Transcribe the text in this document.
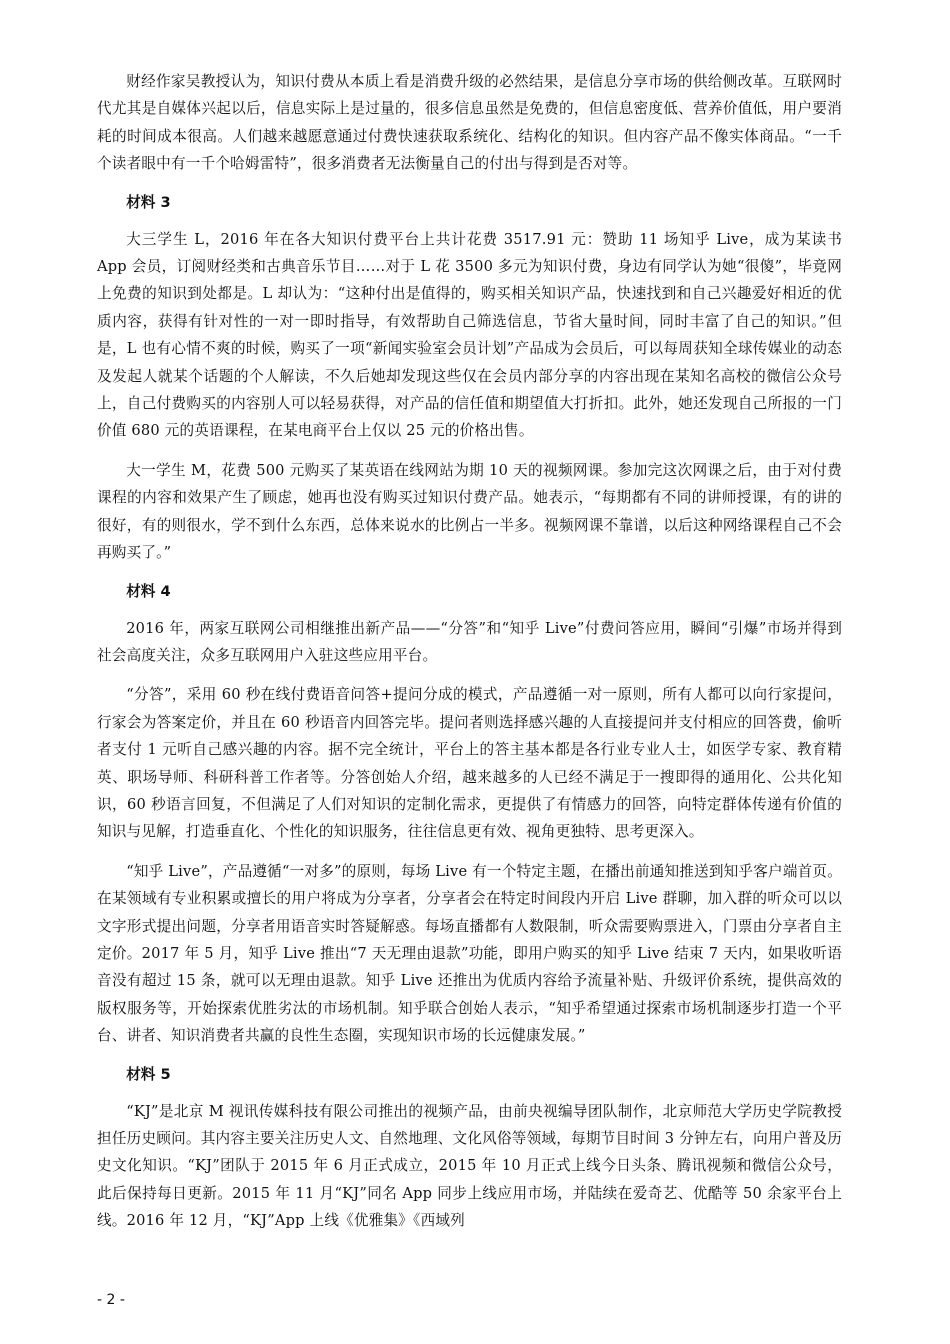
财经作家吴教授认为，知识付费从本质上看是消费升级的必然结果，是信息分享市场的供给侧改革。互联网时代尤其是自媒体兴起以后，信息实际上是过量的，很多信息虽然是免费的，但信息密度低、营养价值低，用户要消耗的时间成本很高。人们越来越愿意通过付费快速获取系统化、结构化的知识。但内容产品不像实体商品。“一千个读者眼中有一千个哈姆雷特”，很多消费者无法衡量自己的付出与得到是否对等。

材料 3

大三学生 L，2016 年在各大知识付费平台上共计花费 3517.91 元：赞助 11 场知乎 Live，成为某读书 App 会员，订阅财经类和古典音乐节目……对于 L 花 3500 多元为知识付费，身边有同学认为她“很傻”，毕竟网上免费的知识到处都是。L 却认为：“这种付出是值得的，购买相关知识产品，快速找到和自己兴趣爱好相近的优质内容，获得有针对性的一对一即时指导，有效帮助自己筛选信息，节省大量时间，同时丰富了自己的知识。”但是，L 也有心情不爽的时候，购买了一项“新闻实验室会员计划”产品成为会员后，可以每周获知全球传媒业的动态及发起人就某个话题的个人解读，不久后她却发现这些仅在会员内部分享的内容出现在某知名高校的微信公众号上，自己付费购买的内容别人可以轻易获得，对产品的信任值和期望值大打折扣。此外，她还发现自己所报的一门价值 680 元的英语课程，在某电商平台上仅以 25 元的价格出售。

大一学生 M，花费 500 元购买了某英语在线网站为期 10 天的视频网课。参加完这次网课之后，由于对付费课程的内容和效果产生了顾虑，她再也没有购买过知识付费产品。她表示，“每期都有不同的讲师授课，有的讲的很好，有的则很水，学不到什么东西，总体来说水的比例占一半多。视频网课不靠谱，以后这种网络课程自己不会再购买了。”

材料 4

2016 年，两家互联网公司相继推出新产品——“分答”和“知乎 Live”付费问答应用，瞬间“引爆”市场并得到社会高度关注，众多互联网用户入驻这些应用平台。

“分答”，采用 60 秒在线付费语音问答+提问分成的模式，产品遵循一对一原则，所有人都可以向行家提问，行家会为答案定价，并且在 60 秒语音内回答完毕。提问者则选择感兴趣的人直接提问并支付相应的回答费，偷听者支付 1 元听自己感兴趣的内容。据不完全统计，平台上的答主基本都是各行业专业人士，如医学专家、教育精英、职场导师、科研科普工作者等。分答创始人介绍，越来越多的人已经不满足于一搜即得的通用化、公共化知识，60 秒语言回复，不但满足了人们对知识的定制化需求，更提供了有情感力的回答，向特定群体传递有价值的知识与见解，打造垂直化、个性化的知识服务，往往信息更有效、视角更独特、思考更深入。

“知乎 Live”，产品遵循“一对多”的原则，每场 Live 有一个特定主题，在播出前通知推送到知乎客户端首页。在某领域有专业积累或擅长的用户将成为分享者，分享者会在特定时间段内开启 Live 群聊，加入群的听众可以以文字形式提出问题，分享者用语音实时答疑解惑。每场直播都有人数限制，听众需要购票进入，门票由分享者自主定价。2017 年 5 月，知乎 Live 推出“7 天无理由退款”功能，即用户购买的知乎 Live 结束 7 天内，如果收听语音没有超过 15 条，就可以无理由退款。知乎 Live 还推出为优质内容给予流量补贴、升级评价系统，提供高效的版权服务等，开始探索优胜劣汰的市场机制。知乎联合创始人表示，“知乎希望通过探索市场机制逐步打造一个平台、讲者、知识消费者共赢的良性生态圈，实现知识市场的长远健康发展。”

材料 5

“KJ”是北京 M 视讯传媒科技有限公司推出的视频产品，由前央视编导团队制作，北京师范大学历史学院教授担任历史顾问。其内容主要关注历史人文、自然地理、文化风俗等领域，每期节目时间 3 分钟左右，向用户普及历史文化知识。“KJ”团队于 2015 年 6 月正式成立，2015 年 10 月正式上线今日头条、腾讯视频和微信公众号，此后保持每日更新。2015 年 11 月“KJ”同名 App 同步上线应用市场，并陆续在爱奇艺、优酷等 50 余家平台上线。2016 年 12 月，“KJ”App 上线《优雅集》《西域列

- 2 -
